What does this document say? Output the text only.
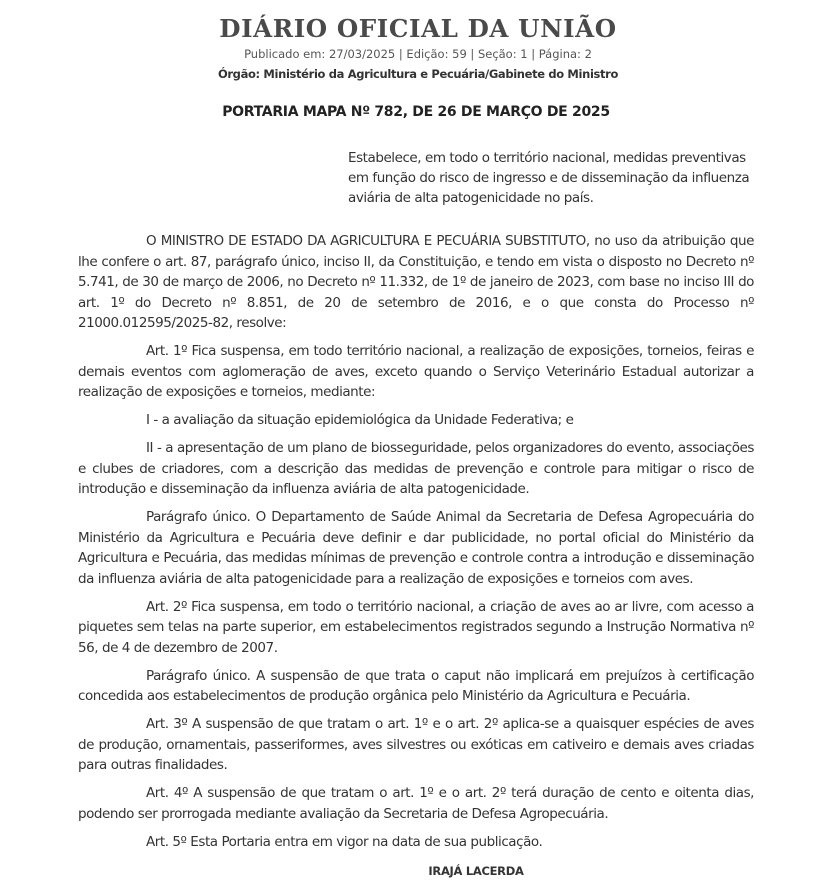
DIÁRIO OFICIAL DA UNIÃO
Publicado em: 27/03/2025 | Edição: 59 | Seção: 1 | Página: 2
Órgão: Ministério da Agricultura e Pecuária/Gabinete do Ministro
PORTARIA MAPA Nº 782, DE 26 DE MARÇO DE 2025
Estabelece, em todo o território nacional, medidas preventivas em função do risco de ingresso e de disseminação da influenza aviária de alta patogenicidade no país.

O MINISTRO DE ESTADO DA AGRICULTURA E PECUÁRIA SUBSTITUTO, no uso da atribuição que lhe confere o art. 87, parágrafo único, inciso II, da Constituição, e tendo em vista o disposto no Decreto nº 5.741, de 30 de março de 2006, no Decreto nº 11.332, de 1º de janeiro de 2023, com base no inciso III do art. 1º do Decreto nº 8.851, de 20 de setembro de 2016, e o que consta do Processo nº 21000.012595/2025-82, resolve:

Art. 1º Fica suspensa, em todo território nacional, a realização de exposições, torneios, feiras e demais eventos com aglomeração de aves, exceto quando o Serviço Veterinário Estadual autorizar a realização de exposições e torneios, mediante:

I - a avaliação da situação epidemiológica da Unidade Federativa; e

II - a apresentação de um plano de biosseguridade, pelos organizadores do evento, associações e clubes de criadores, com a descrição das medidas de prevenção e controle para mitigar o risco de introdução e disseminação da influenza aviária de alta patogenicidade.

Parágrafo único. O Departamento de Saúde Animal da Secretaria de Defesa Agropecuária do Ministério da Agricultura e Pecuária deve definir e dar publicidade, no portal oficial do Ministério da Agricultura e Pecuária, das medidas mínimas de prevenção e controle contra a introdução e disseminação da influenza aviária de alta patogenicidade para a realização de exposições e torneios com aves.

Art. 2º Fica suspensa, em todo o território nacional, a criação de aves ao ar livre, com acesso a piquetes sem telas na parte superior, em estabelecimentos registrados segundo a Instrução Normativa nº 56, de 4 de dezembro de 2007.

Parágrafo único. A suspensão de que trata o caput não implicará em prejuízos à certificação concedida aos estabelecimentos de produção orgânica pelo Ministério da Agricultura e Pecuária.

Art. 3º A suspensão de que tratam o art. 1º e o art. 2º aplica-se a quaisquer espécies de aves de produção, ornamentais, passeriformes, aves silvestres ou exóticas em cativeiro e demais aves criadas para outras finalidades.

Art. 4º A suspensão de que tratam o art. 1º e o art. 2º terá duração de cento e oitenta dias, podendo ser prorrogada mediante avaliação da Secretaria de Defesa Agropecuária.

Art. 5º Esta Portaria entra em vigor na data de sua publicação.

IRAJÁ LACERDA
